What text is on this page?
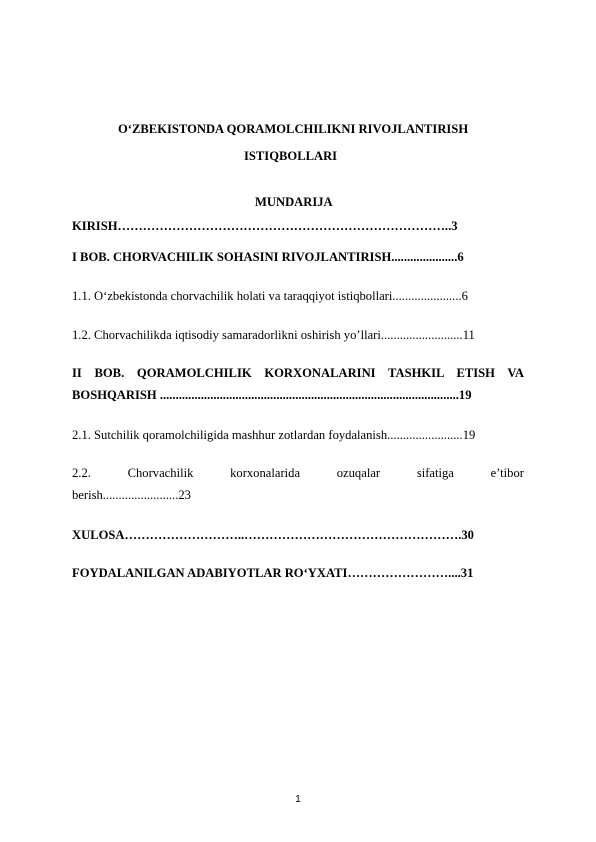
O‘ZBEKISTONDA QORAMOLCHILIKNI RIVOJLANTIRISH
ISTIQBOLLARI
MUNDARIJA
KIRISH……………………………………………………………………..3
I BOB. CHORVACHILIK SOHASINI RIVOJLANTIRISH.....................6
1.1. O‘zbekistonda chorvachilik holati va taraqqiyot istiqbollari......................6
1.2. Chorvachilikda iqtisodiy samaradorlikni oshirish yo’llari..........................11
II BOB. QORAMOLCHILIK KORXONALARINI TASHKIL ETISH VA
BOSHQARISH ...............................................................................................19
2.1. Sutchilik qoramolchiligida mashhur zotlardan foydalanish........................19
2.2.	Chorvachilik	korxonalarida	ozuqalar	sifatiga	e’tibor
berish........................23
XULOSA………………………..…………………………………………….30
FOYDALANILGAN ADABIYOTLAR RO‘YXATI……………………....31
1
